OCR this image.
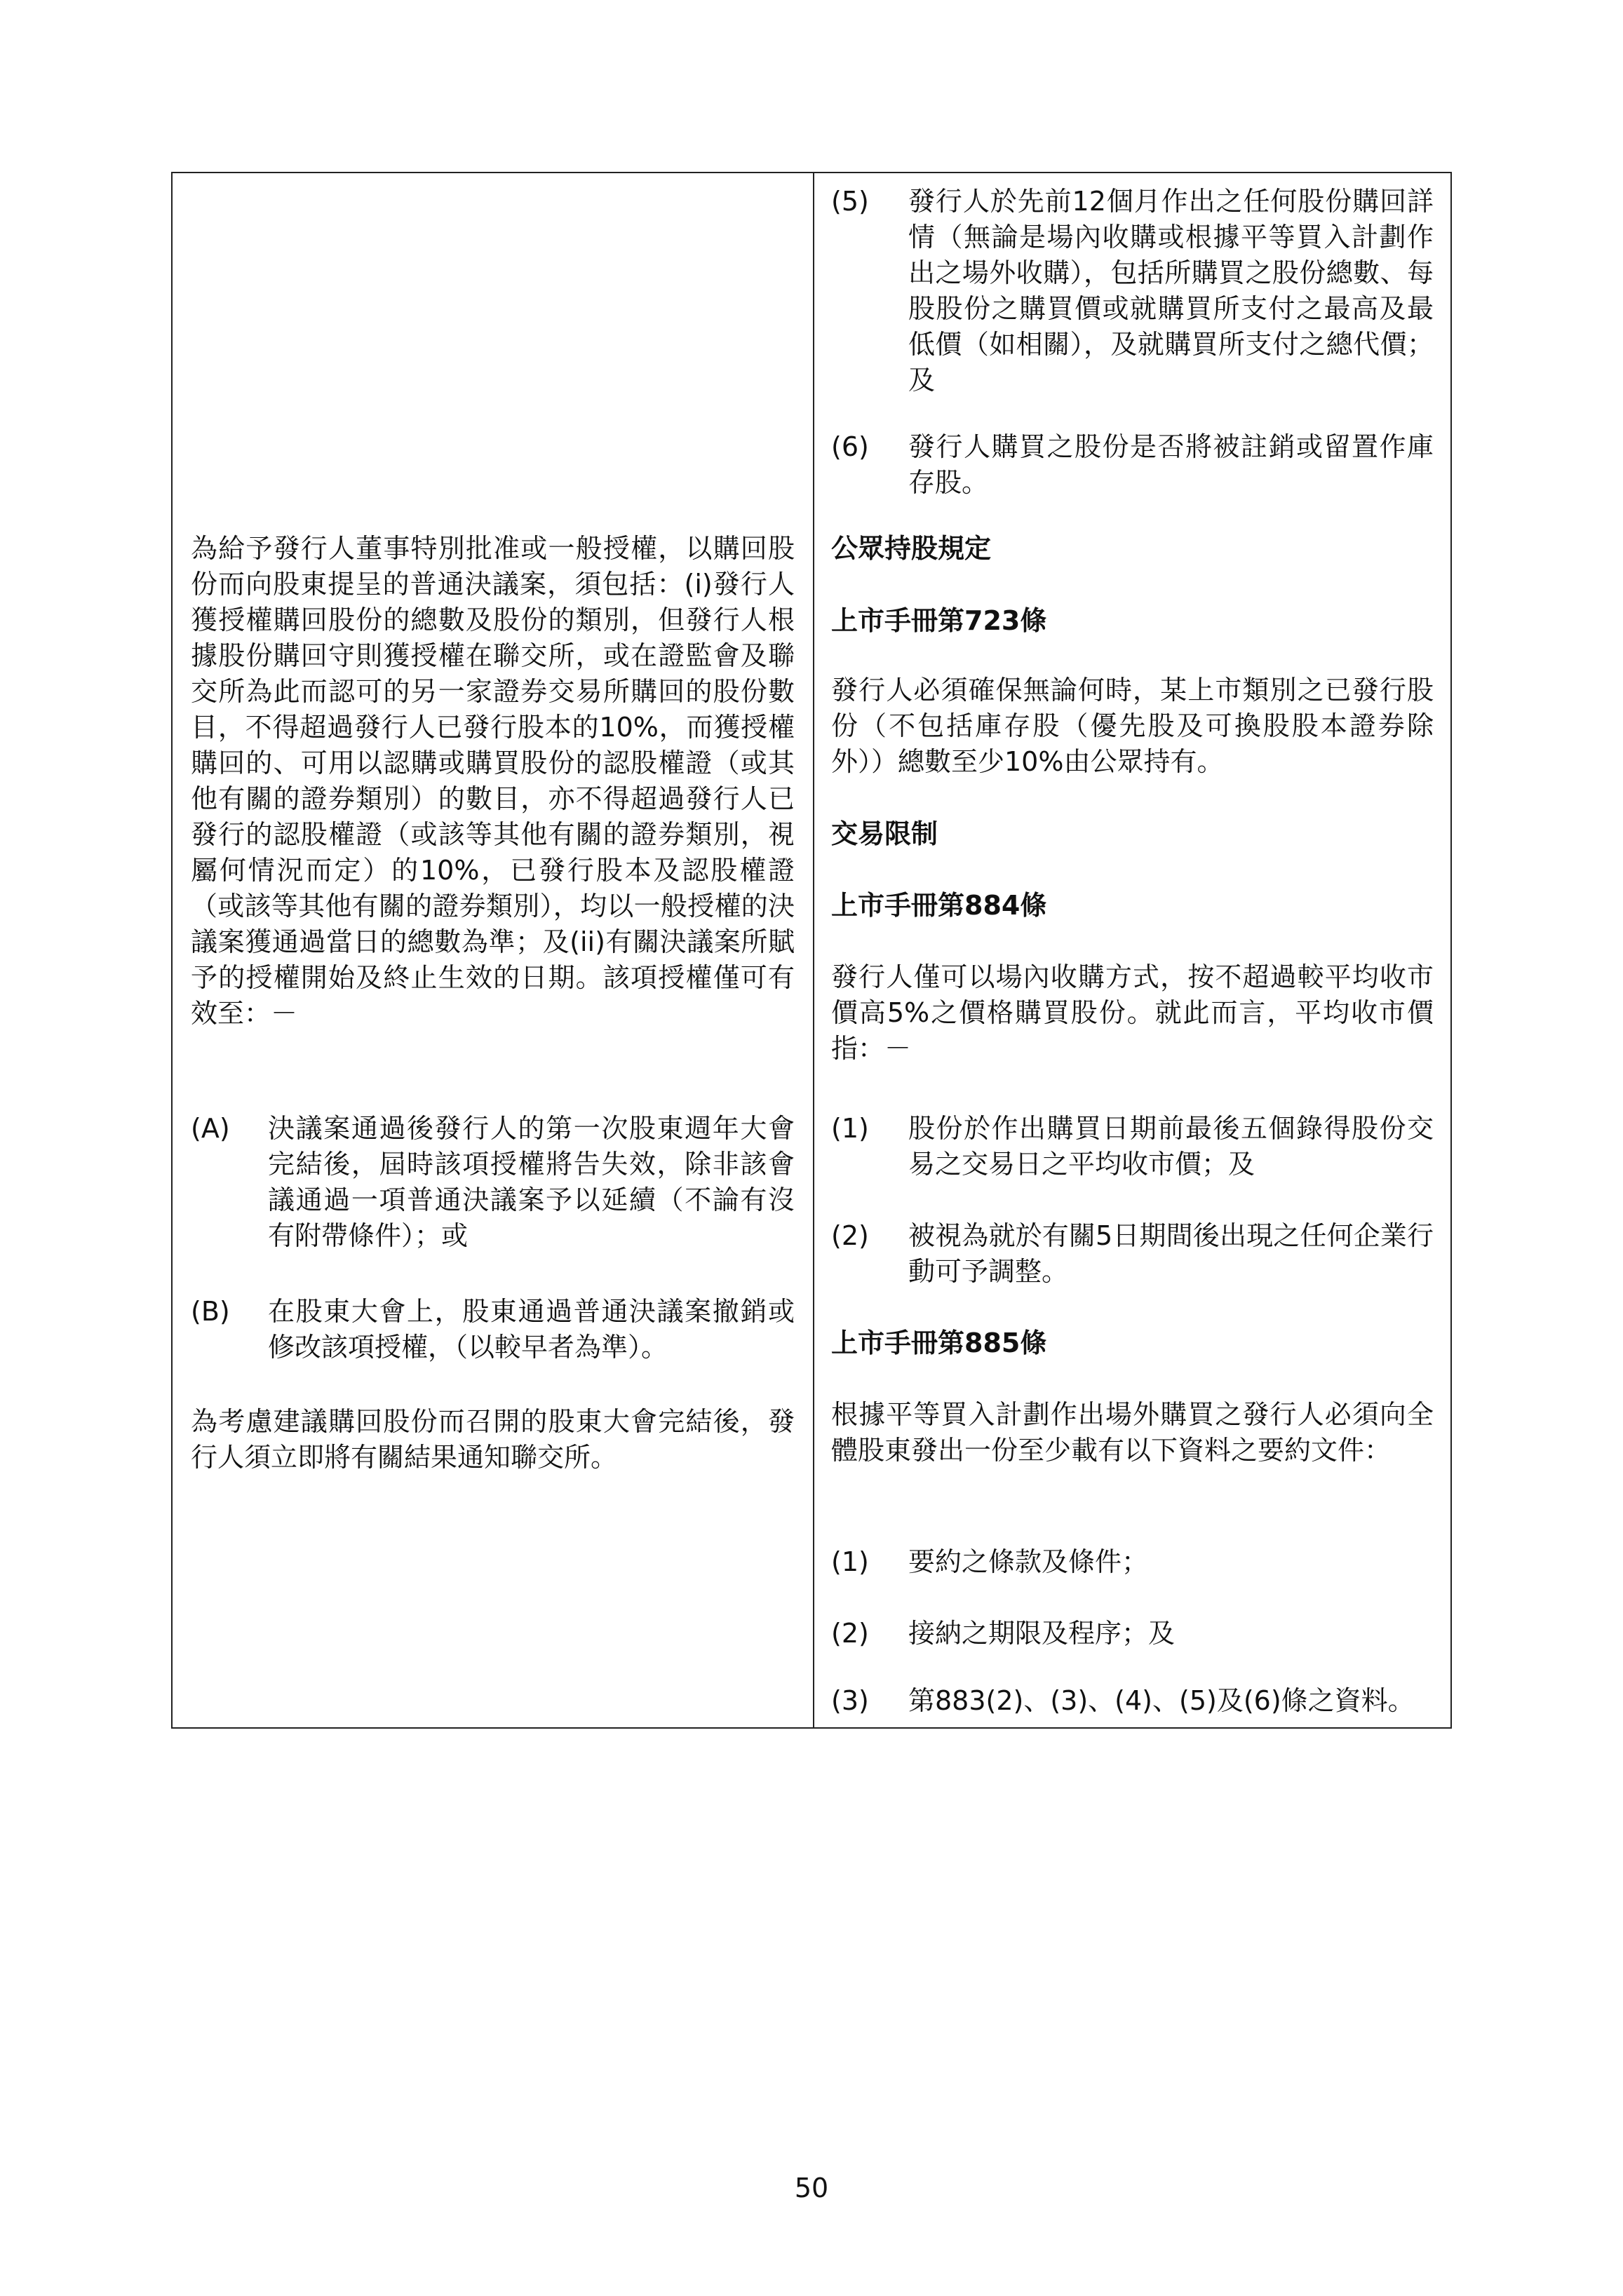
為給予發行人董事特別批准或一般授權，以購回股份而向股東提呈的普通決議案，須包括：(i)發行人獲授權購回股份的總數及股份的類別，但發行人根據股份購回守則獲授權在聯交所，或在證監會及聯交所為此而認可的另一家證券交易所購回的股份數目，不得超過發行人已發行股本的10%，而獲授權購回的、可用以認購或購買股份的認股權證（或其他有關的證券類別）的數目，亦不得超過發行人已發行的認股權證（或該等其他有關的證券類別，視屬何情況而定）的10%，已發行股本及認股權證（或該等其他有關的證券類別），均以一般授權的決議案獲通過當日的總數為準；及(ii)有關決議案所賦予的授權開始及終止生效的日期。該項授權僅可有效至：－
(A) 決議案通過後發行人的第一次股東週年大會完結後，屆時該項授權將告失效，除非該會議通過一項普通決議案予以延續（不論有沒有附帶條件）；或
(B) 在股東大會上，股東通過普通決議案撤銷或修改該項授權，（以較早者為準）。
為考慮建議購回股份而召開的股東大會完結後，發行人須立即將有關結果通知聯交所。
(5) 發行人於先前12個月作出之任何股份購回詳情（無論是場內收購或根據平等買入計劃作出之場外收購），包括所購買之股份總數、每股股份之購買價或就購買所支付之最高及最低價（如相關），及就購買所支付之總代價；及
(6) 發行人購買之股份是否將被註銷或留置作庫存股。
公眾持股規定
上市手冊第723條
發行人必須確保無論何時，某上市類別之已發行股份（不包括庫存股（優先股及可換股股本證券除外））總數至少10%由公眾持有。
交易限制
上市手冊第884條
發行人僅可以場內收購方式，按不超過較平均收市價高5%之價格購買股份。就此而言，平均收市價指：－
(1) 股份於作出購買日期前最後五個錄得股份交易之交易日之平均收市價；及
(2) 被視為就於有關5日期間後出現之任何企業行動可予調整。
上市手冊第885條
根據平等買入計劃作出場外購買之發行人必須向全體股東發出一份至少載有以下資料之要約文件：
(1) 要約之條款及條件；
(2) 接納之期限及程序；及
(3) 第883(2)、(3)、(4)、(5)及(6)條之資料。
50
